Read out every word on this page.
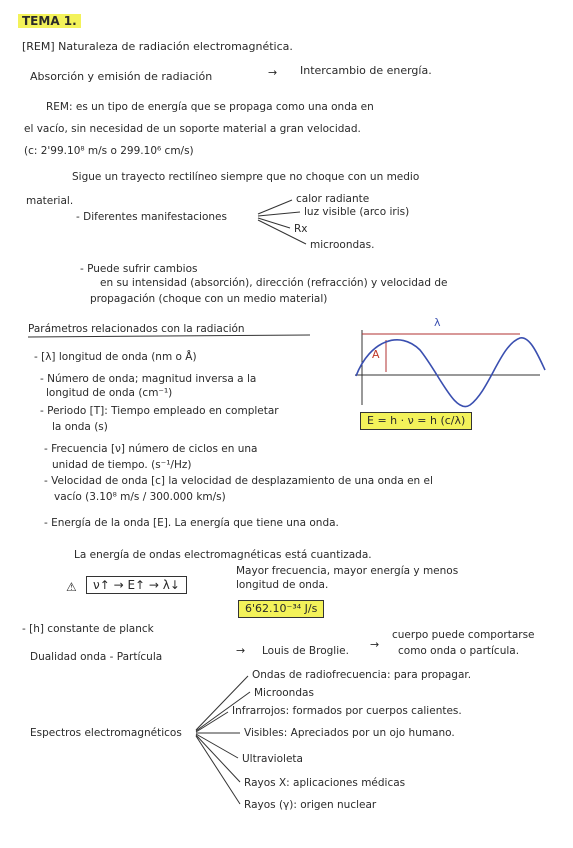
TEMA 1.
[REM] Naturaleza de radiación electromagnética.
Absorción y emisión de radiación	→ Intercambio de energía.
REM: es un tipo de energía que se propaga como una onda en
el vacío, sin necesidad de un soporte material a gran velocidad.
(c: 2'99.10⁸ m/s o 299.10⁶ cm/s)
Sigue un trayecto rectilíneo siempre que no choque con un medio
material.
- Diferentes manifestaciones
calor radiante
luz visible (arco iris)
Rx
microondas.
- Puede sufrir cambios
en su intensidad (absorción), dirección (refracción) y velocidad de
propagación (choque con un medio material)
Parámetros relacionados con la radiación
- [λ] longitud de onda (nm o Å)
- Número de onda; magnitud inversa a la
longitud de onda (cm⁻¹)
- Periodo [T]: Tiempo empleado en completar
la onda (s)
- Frecuencia [ν] número de ciclos en una
unidad de tiempo. (s⁻¹/Hz)
- Velocidad de onda [c] la velocidad de desplazamiento de una onda en el
vacío (3.10⁸ m/s / 300.000 km/s)
- Energía de la onda [E]. La energía que tiene una onda.
λ
A
E = h · ν = h (c/λ)
La energía de ondas electromagnéticas está cuantizada.
⚠	ν↑ → E↑ → λ↓
Mayor frecuencia, mayor energía y menos
longitud de onda.
- [h] constante de planck
6'62.10⁻³⁴ J/s
Dualidad onda - Partícula	→ Louis de Broglie. →
cuerpo puede comportarse
como onda o partícula.
Espectros electromagnéticos
Ondas de radiofrecuencia: para propagar.
Microondas
Infrarrojos: formados por cuerpos calientes.
Visibles: Apreciados por un ojo humano.
Ultravioleta
Rayos X: aplicaciones médicas
Rayos (γ): origen nuclear
